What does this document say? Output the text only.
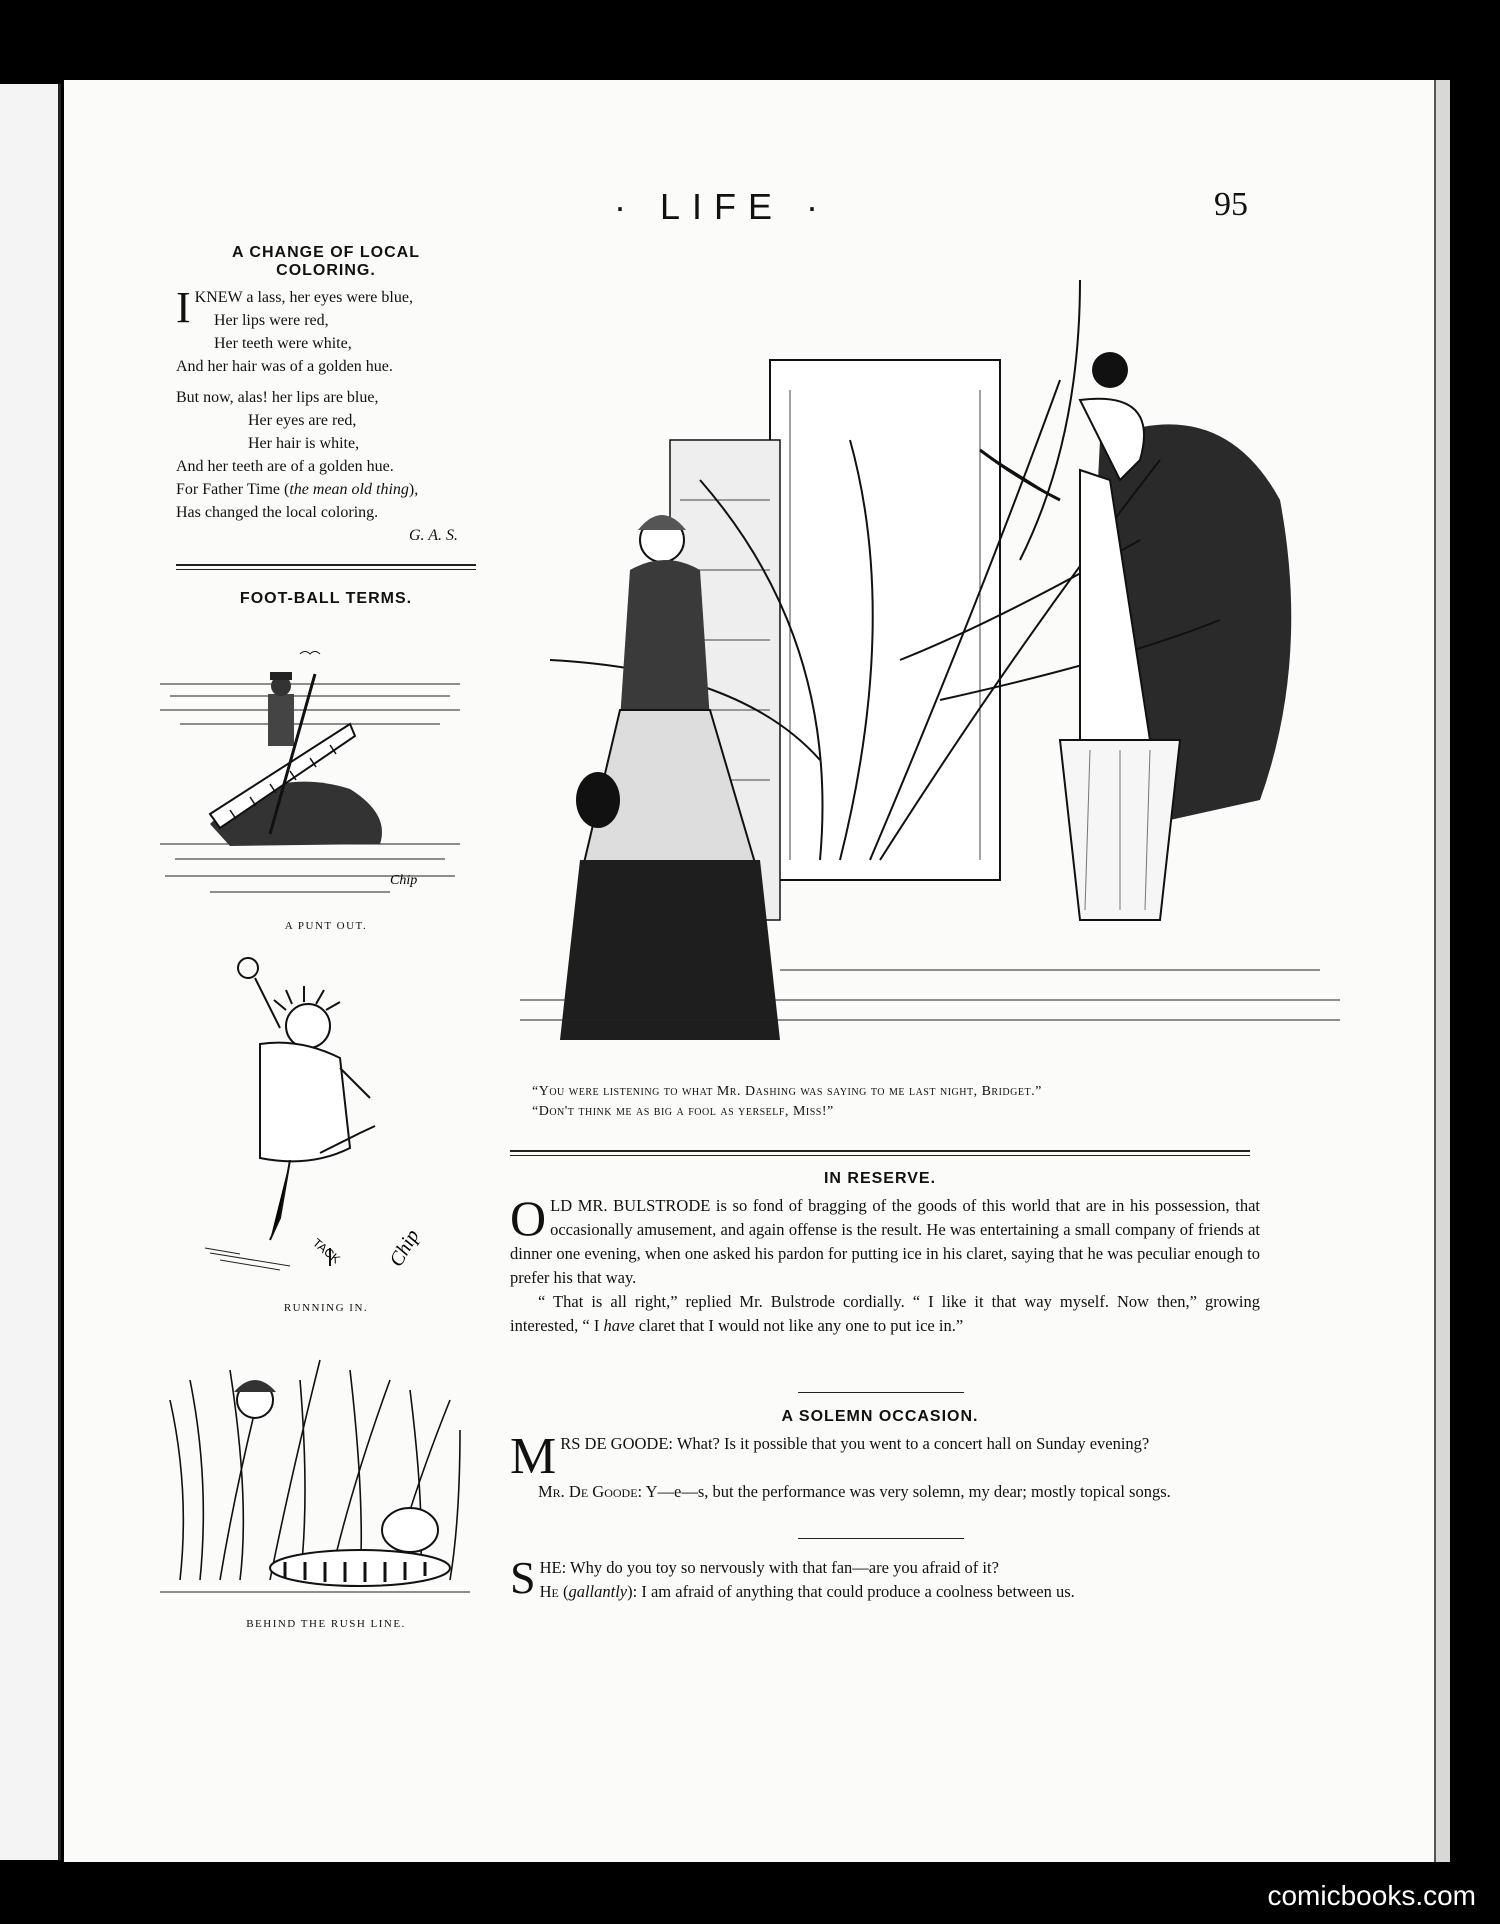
· LIFE ·	95
A CHANGE OF LOCAL
COLORING.
I KNEW a lass, her eyes were blue,
Her lips were red,
Her teeth were white,
And her hair was of a golden hue.
But now, alas! her lips are blue,
Her eyes are red,
Her hair is white,
And her teeth are of a golden hue.
For Father Time (the mean old thing),
Has changed the local coloring.
G. A. S.
FOOT-BALL TERMS.
Chip
A PUNT OUT.
TACK Chip
RUNNING IN.
BEHIND THE RUSH LINE.
“You were listening to what Mr. Dashing was saying to me last night, Bridget.”
“Don't think me as big a fool as yerself, Miss!”
IN RESERVE.

OLD MR. BULSTRODE is so fond of bragging of the goods of this world that are in his possession, that occasionally amusement, and again offense is the result. He was entertaining a small company of friends at dinner one evening, when one asked his pardon for putting ice in his claret, saying that he was peculiar enough to prefer his that way.

“ That is all right,” replied Mr. Bulstrode cordially. “ I like it that way myself. Now then,” growing interested, “ I have claret that I would not like any one to put ice in.”

A SOLEMN OCCASION.

MRS DE GOODE: What? Is it possible that you went to a concert hall on Sunday evening?

Mr. De Goode: Y—e—s, but the performance was very solemn, my dear; mostly topical songs.

SHE: Why do you toy so nervously with that fan—are you afraid of it?

He (gallantly): I am afraid of anything that could produce a coolness between us.

comicbooks.com
